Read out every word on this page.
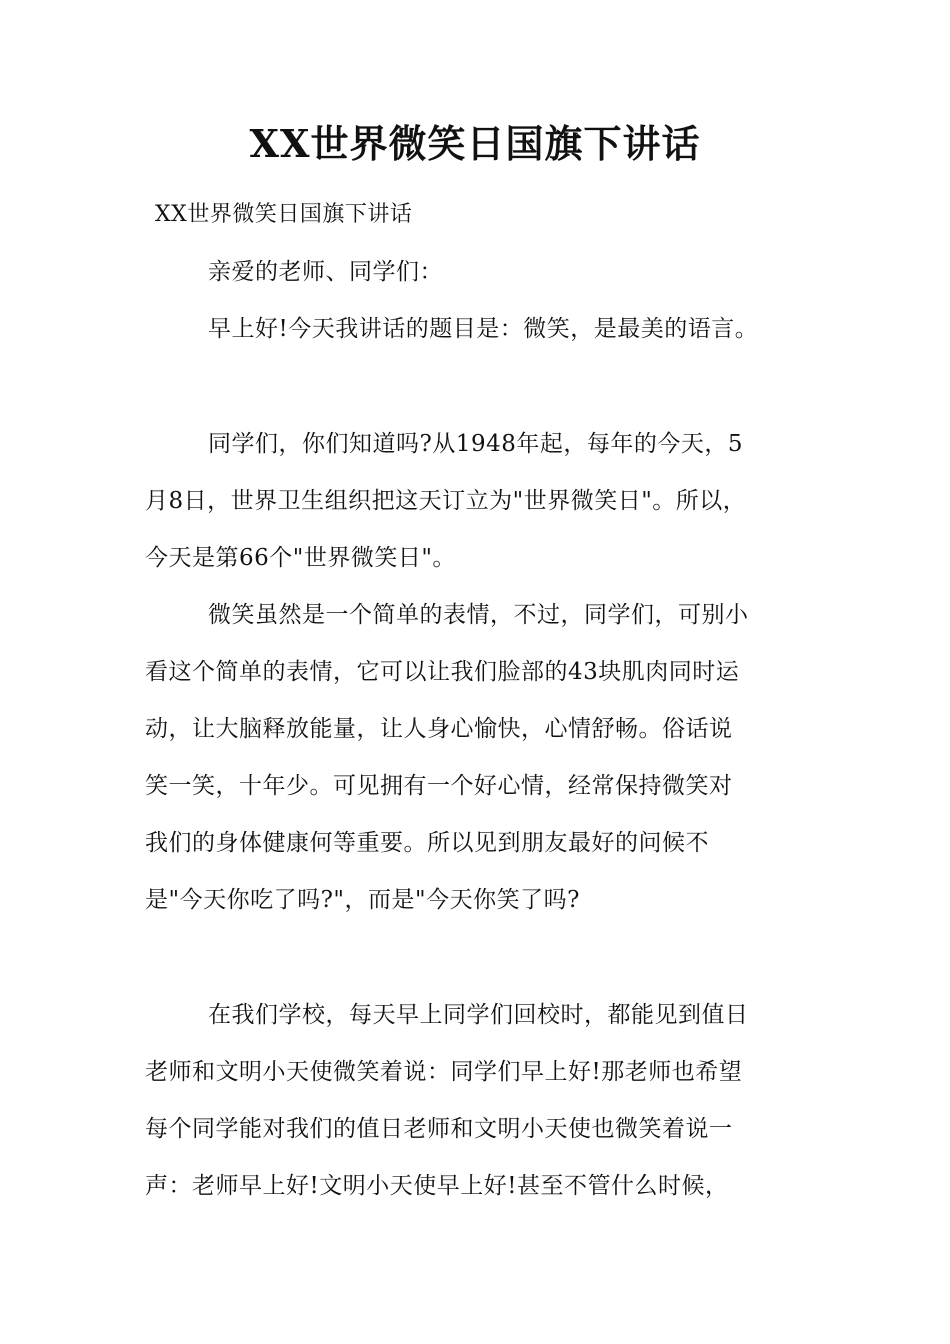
XX世界微笑日国旗下讲话
XX世界微笑日国旗下讲话
亲爱的老师、同学们：
早上好!今天我讲话的题目是：微笑，是最美的语言。
同学们，你们知道吗?从1948年起，每年的今天，5
月8日，世界卫生组织把这天订立为"世界微笑日"。所以，
今天是第66个"世界微笑日"。
微笑虽然是一个简单的表情，不过，同学们，可别小
看这个简单的表情，它可以让我们脸部的43块肌肉同时运
动，让大脑释放能量，让人身心愉快，心情舒畅。俗话说
笑一笑，十年少。可见拥有一个好心情，经常保持微笑对
我们的身体健康何等重要。所以见到朋友最好的问候不
是"今天你吃了吗?"，而是"今天你笑了吗?
在我们学校，每天早上同学们回校时，都能见到值日
老师和文明小天使微笑着说：同学们早上好!那老师也希望
每个同学能对我们的值日老师和文明小天使也微笑着说一
声：老师早上好!文明小天使早上好!甚至不管什么时候，
